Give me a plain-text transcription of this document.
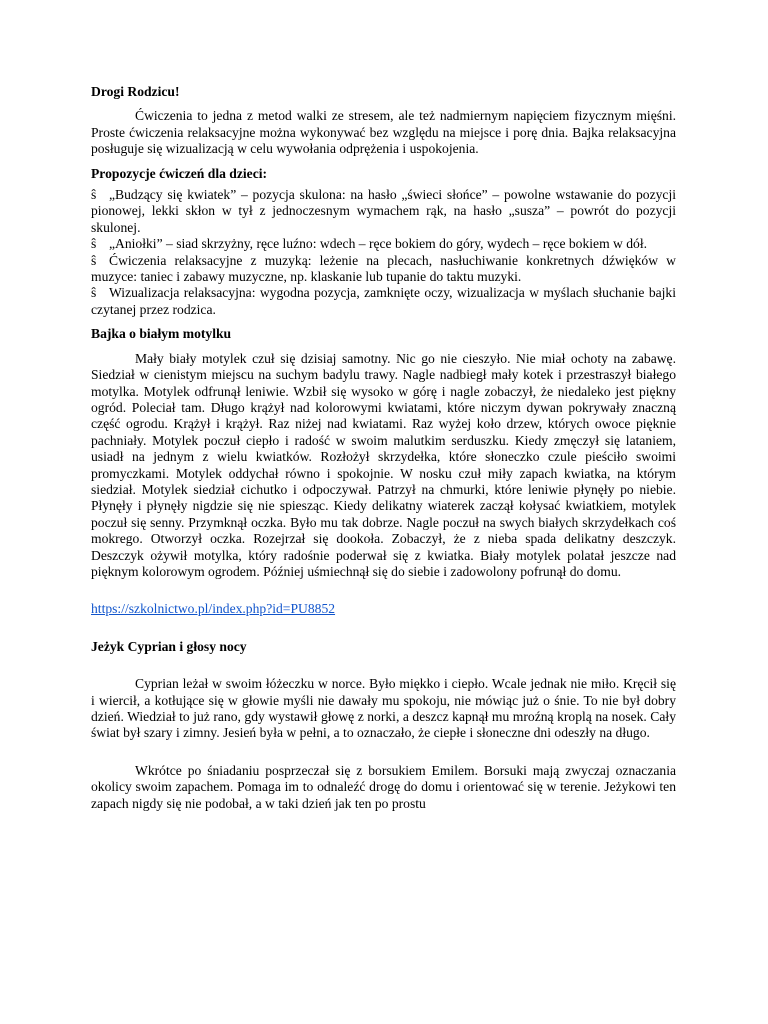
Drogi Rodzicu!

Ćwiczenia to jedna z metod walki ze stresem, ale też nadmiernym napięciem fizycznym mięśni. Proste ćwiczenia relaksacyjne można wykonywać bez względu na miejsce i porę dnia. Bajka relaksacyjna posługuje się wizualizacją w celu wywołania odprężenia i uspokojenia.

Propozycje ćwiczeń dla dzieci:

ŝ „Budzący się kwiatek” – pozycja skulona: na hasło „świeci słońce” – powolne wstawanie do pozycji pionowej, lekki skłon w tył z jednoczesnym wymachem rąk, na hasło „susza” – powrót do pozycji skulonej.

ŝ „Aniołki” – siad skrzyżny, ręce luźno: wdech – ręce bokiem do góry, wydech – ręce bokiem w dół.

ŝ Ćwiczenia relaksacyjne z muzyką: leżenie na plecach, nasłuchiwanie konkretnych dźwięków w muzyce: taniec i zabawy muzyczne, np. klaskanie lub tupanie do taktu muzyki.

ŝ Wizualizacja relaksacyjna: wygodna pozycja, zamknięte oczy, wizualizacja w myślach słuchanie bajki czytanej przez rodzica.

Bajka o białym motylku

Mały biały motylek czuł się dzisiaj samotny. Nic go nie cieszyło. Nie miał ochoty na zabawę. Siedział w cienistym miejscu na suchym badylu trawy. Nagle nadbiegł mały kotek i przestraszył białego motylka. Motylek odfrunął leniwie. Wzbił się wysoko w górę i nagle zobaczył, że niedaleko jest piękny ogród. Poleciał tam. Długo krążył nad kolorowymi kwiatami, które niczym dywan pokrywały znaczną część ogrodu. Krążył i krążył. Raz niżej nad kwiatami. Raz wyżej koło drzew, których owoce pięknie pachniały. Motylek poczuł ciepło i radość w swoim malutkim serduszku. Kiedy zmęczył się lataniem, usiadł na jednym z wielu kwiatków. Rozłożył skrzydełka, które słoneczko czule pieściło swoimi promyczkami. Motylek oddychał równo i spokojnie. W nosku czuł miły zapach kwiatka, na którym siedział. Motylek siedział cichutko i odpoczywał. Patrzył na chmurki, które leniwie płynęły po niebie. Płynęły i płynęły nigdzie się nie spiesząc. Kiedy delikatny wiaterek zaczął kołysać kwiatkiem, motylek poczuł się senny. Przymknął oczka. Było mu tak dobrze. Nagle poczuł na swych białych skrzydełkach coś mokrego. Otworzył oczka. Rozejrzał się dookoła. Zobaczył, że z nieba spada delikatny deszczyk. Deszczyk ożywił motylka, który radośnie poderwał się z kwiatka. Biały motylek polatał jeszcze nad pięknym kolorowym ogrodem. Później uśmiechnął się do siebie i zadowolony pofrunął do domu.

https://szkolnictwo.pl/index.php?id=PU8852

Jeżyk Cyprian i głosy nocy

Cyprian leżał w swoim łóżeczku w norce. Było miękko i ciepło. Wcale jednak nie miło. Kręcił się i wiercił, a kotłujące się w głowie myśli nie dawały mu spokoju, nie mówiąc już o śnie. To nie był dobry dzień. Wiedział to już rano, gdy wystawił głowę z norki, a deszcz kapnął mu mroźną kroplą na nosek. Cały świat był szary i zimny. Jesień była w pełni, a to oznaczało, że ciepłe i słoneczne dni odeszły na długo.

Wkrótce po śniadaniu posprzeczał się z borsukiem Emilem. Borsuki mają zwyczaj oznaczania okolicy swoim zapachem. Pomaga im to odnaleźć drogę do domu i orientować się w terenie. Jeżykowi ten zapach nigdy się nie podobał, a w taki dzień jak ten po prostu
